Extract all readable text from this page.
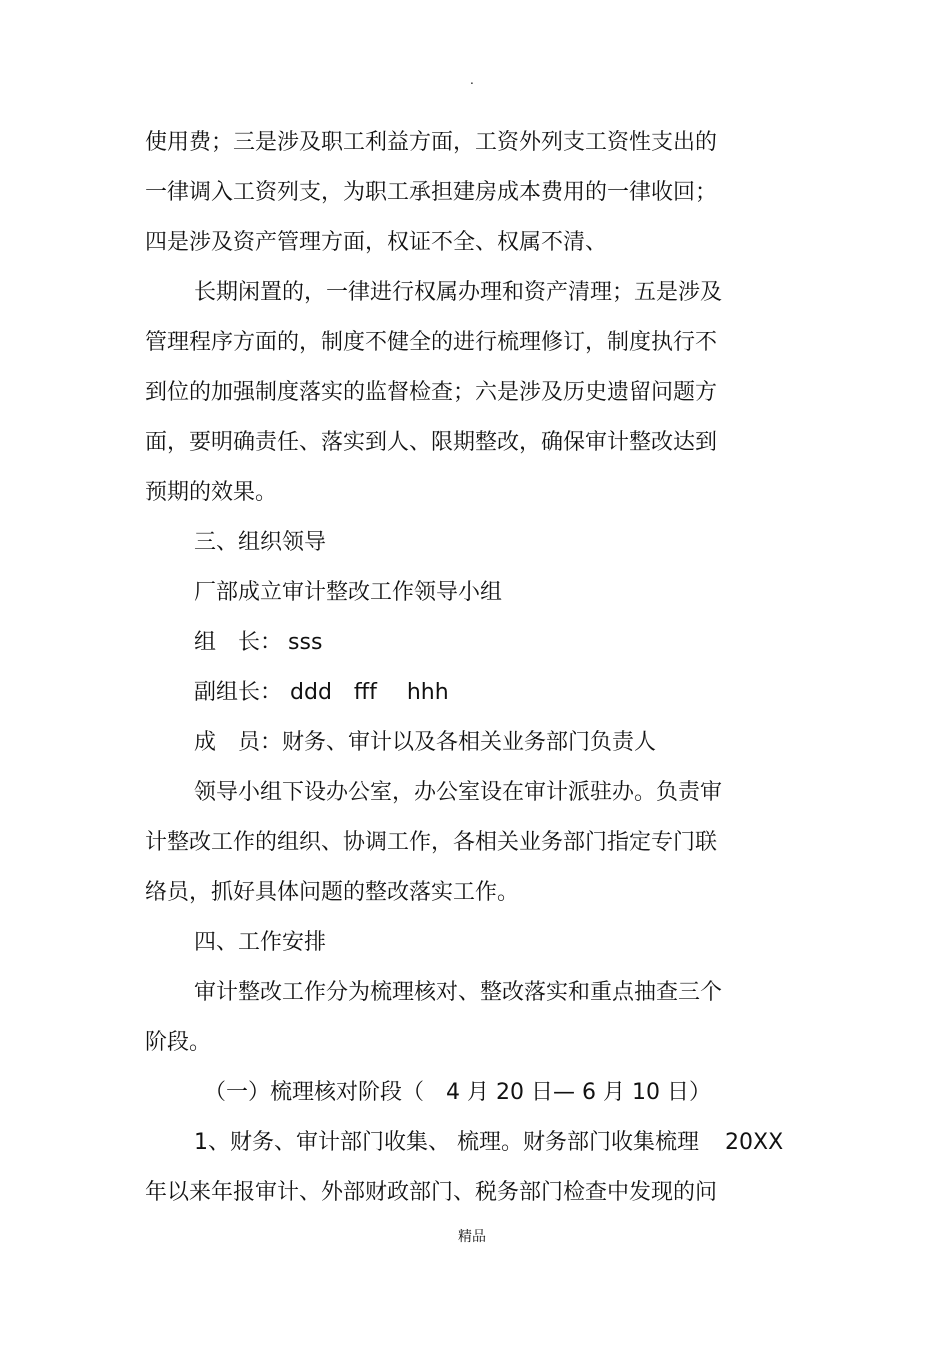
.
使用费；三是涉及职工利益方面，工资外列支工资性支出的
一律调入工资列支，为职工承担建房成本费用的一律收回；
四是涉及资产管理方面，权证不全、权属不清、
长期闲置的，一律进行权属办理和资产清理；五是涉及
管理程序方面的，制度不健全的进行梳理修订，制度执行不
到位的加强制度落实的监督检查；六是涉及历史遗留问题方
面，要明确责任、落实到人、限期整改，确保审计整改达到
预期的效果。
三、组织领导
厂部成立审计整改工作领导小组
组　长： sss
副组长： ddd fff hhh
成　员：财务、审计以及各相关业务部门负责人
领导小组下设办公室，办公室设在审计派驻办。负责审
计整改工作的组织、协调工作，各相关业务部门指定专门联
络员，抓好具体问题的整改落实工作。
四、工作安排
审计整改工作分为梳理核对、整改落实和重点抽查三个
阶段。
（一）梳理核对阶段（ 4 月 20 日— 6 月 10 日）
1、财务、审计部门收集、 梳理。财务部门收集梳理 20XX
年以来年报审计、外部财政部门、税务部门检查中发现的问
精品
